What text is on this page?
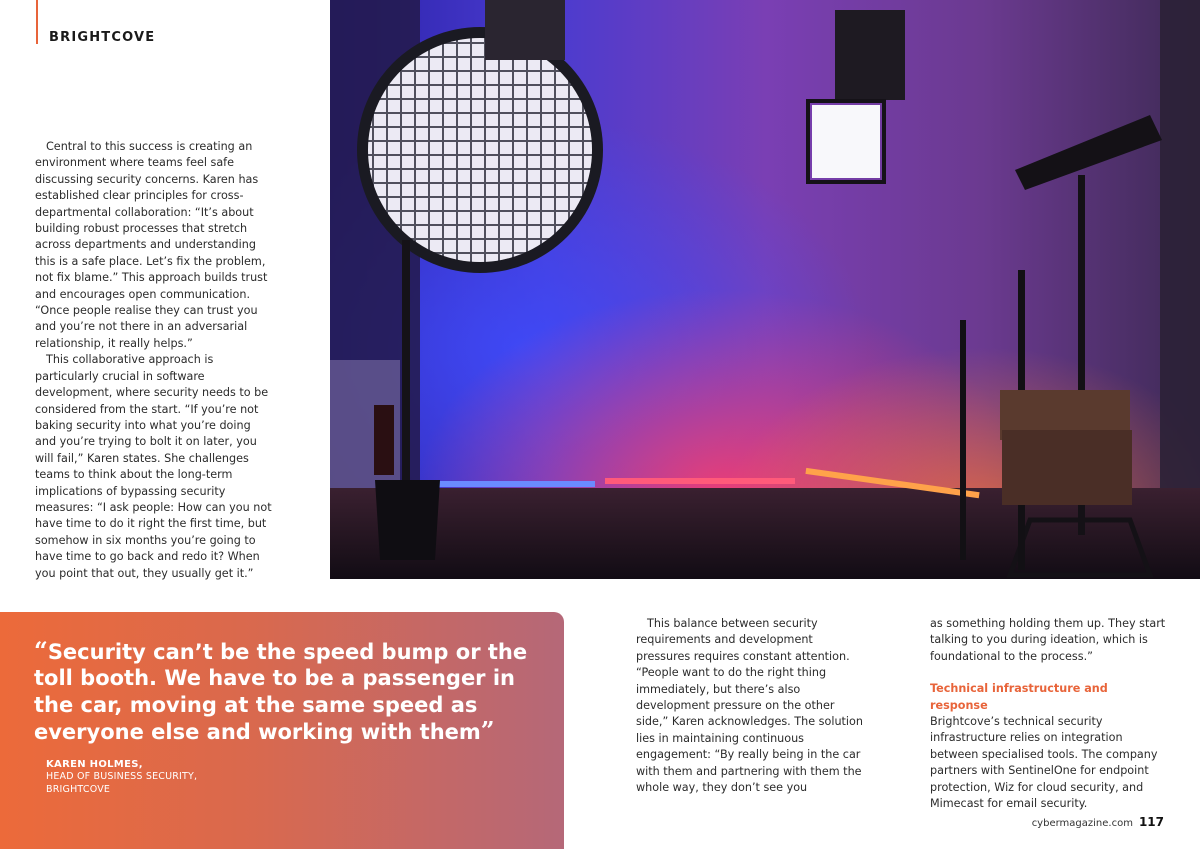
BRIGHTCOVE

Central to this success is creating an environment where teams feel safe discussing security concerns. Karen has established clear principles for cross-departmental collaboration: “It’s about building robust processes that stretch across departments and understanding this is a safe place. Let’s fix the problem, not fix blame.” This approach builds trust and encourages open communication. “Once people realise they can trust you and you’re not there in an adversarial relationship, it really helps.”

This collaborative approach is particularly crucial in software development, where security needs to be considered from the start. “If you’re not baking security into what you’re doing and you’re trying to bolt it on later, you will fail,” Karen states. She challenges teams to think about the long-term implications of bypassing security measures: “I ask people: How can you not have time to do it right the first time, but somehow in six months you’re going to have time to go back and redo it? When you point that out, they usually get it.”

“Security can’t be the speed bump or the toll booth. We have to be a passenger in the car, moving at the same speed as everyone else and working with them”
KAREN HOLMES,
HEAD OF BUSINESS SECURITY,
BRIGHTCOVE

This balance between security requirements and development pressures requires constant attention. “People want to do the right thing immediately, but there’s also development pressure on the other side,” Karen acknowledges. The solution lies in maintaining continuous engagement: “By really being in the car with them and partnering with them the whole way, they don’t see you

as something holding them up. They start talking to you during ideation, which is foundational to the process.”

Technical infrastructure and response

Brightcove’s technical security infrastructure relies on integration between specialised tools. The company partners with SentinelOne for endpoint protection, Wiz for cloud security, and Mimecast for email security.

cybermagazine.com 117
